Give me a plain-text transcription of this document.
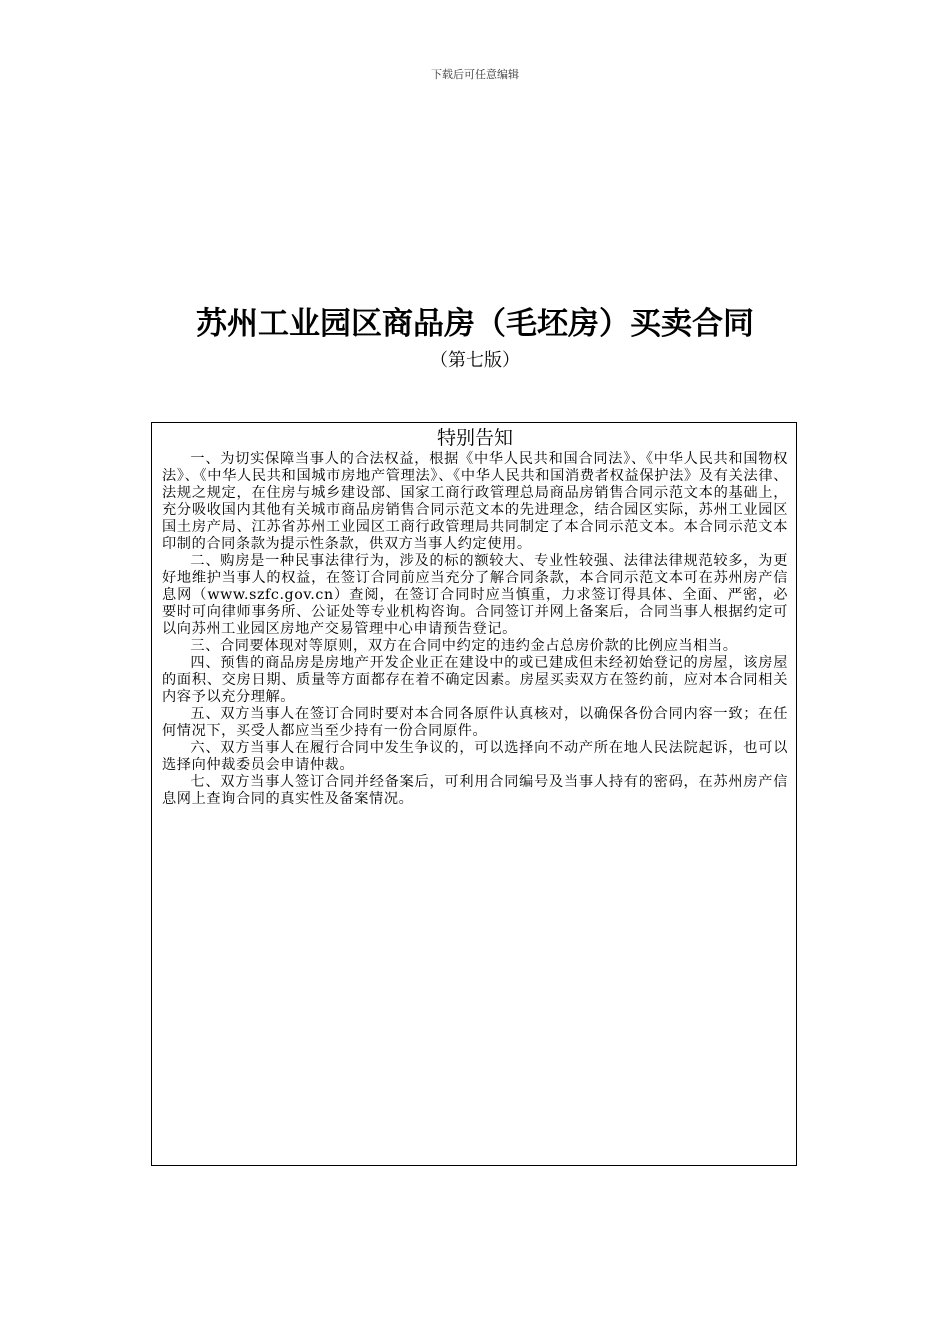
下载后可任意编辑
苏州工业园区商品房（毛坯房）买卖合同
（第七版）

特别告知

一、为切实保障当事人的合法权益，根据《中华人民共和国合同法》、《中华人民共和国物权法》、《中华人民共和国城市房地产管理法》、《中华人民共和国消费者权益保护法》及有关法律、法规之规定，在住房与城乡建设部、国家工商行政管理总局商品房销售合同示范文本的基础上，充分吸收国内其他有关城市商品房销售合同示范文本的先进理念，结合园区实际，苏州工业园区国土房产局、江苏省苏州工业园区工商行政管理局共同制定了本合同示范文本。本合同示范文本印制的合同条款为提示性条款，供双方当事人约定使用。

二、购房是一种民事法律行为，涉及的标的额较大、专业性较强、法律法律规范较多，为更好地维护当事人的权益，在签订合同前应当充分了解合同条款，本合同示范文本可在苏州房产信息网（www.szfc.gov.cn）查阅，在签订合同时应当慎重，力求签订得具体、全面、严密，必要时可向律师事务所、公证处等专业机构咨询。合同签订并网上备案后，合同当事人根据约定可以向苏州工业园区房地产交易管理中心申请预告登记。

三、合同要体现对等原则，双方在合同中约定的违约金占总房价款的比例应当相当。

四、预售的商品房是房地产开发企业正在建设中的或已建成但未经初始登记的房屋，该房屋的面积、交房日期、质量等方面都存在着不确定因素。房屋买卖双方在签约前，应对本合同相关内容予以充分理解。

五、双方当事人在签订合同时要对本合同各原件认真核对，以确保各份合同内容一致；在任何情况下，买受人都应当至少持有一份合同原件。

六、双方当事人在履行合同中发生争议的，可以选择向不动产所在地人民法院起诉，也可以选择向仲裁委员会申请仲裁。

七、双方当事人签订合同并经备案后，可利用合同编号及当事人持有的密码，在苏州房产信息网上查询合同的真实性及备案情况。
